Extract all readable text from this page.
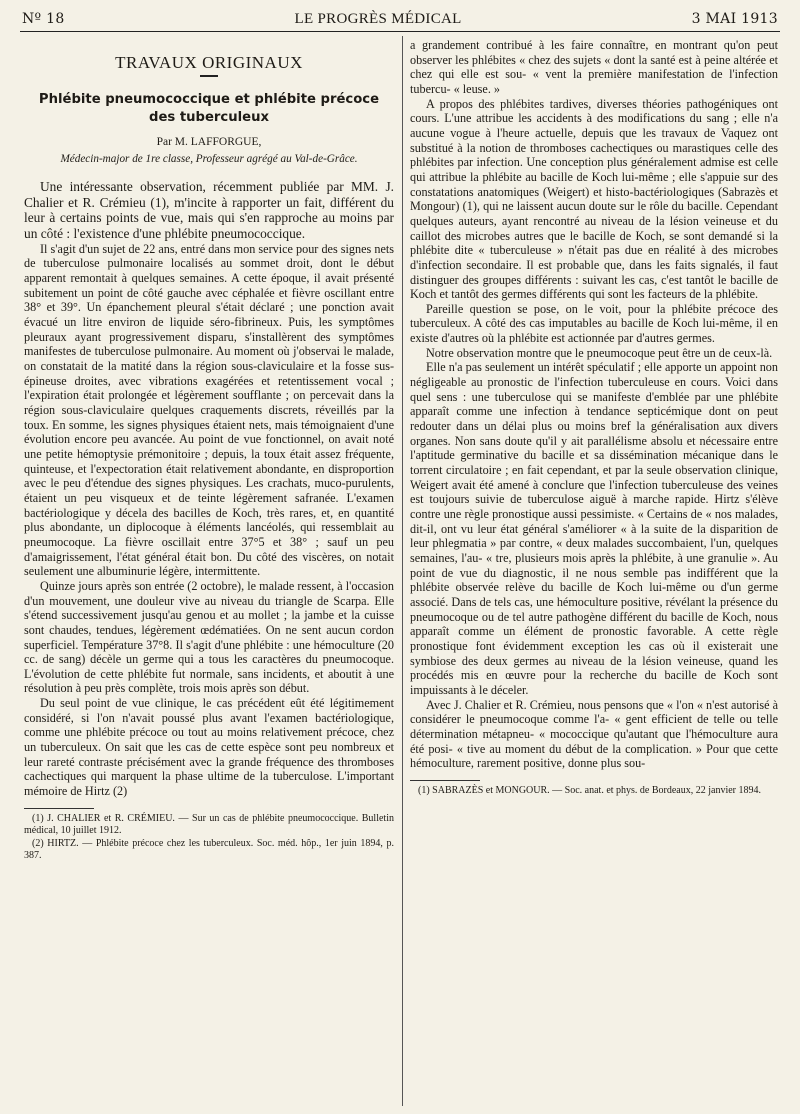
Nº 18	LE PROGRÈS MÉDICAL	3 MAI 1913
TRAVAUX ORIGINAUX
Phlébite pneumococcique et phlébite précoce des tuberculeux
Par M. LAFFORGUE,
Médecin-major de 1re classe, Professeur agrégé au Val-de-Grâce.

Une intéressante observation, récemment publiée par MM. J. Chalier et R. Crémieu (1), m'incite à rapporter un fait, différent du leur à certains points de vue, mais qui s'en rapproche au moins par un côté : l'existence d'une phlébite pneumococcique.

Il s'agit d'un sujet de 22 ans, entré dans mon service pour des signes nets de tuberculose pulmonaire localisés au sommet droit, dont le début apparent remontait à quelques semaines. A cette époque, il avait présenté subitement un point de côté gauche avec céphalée et fièvre oscillant entre 38° et 39°. Un épanchement pleural s'était déclaré ; une ponction avait évacué un litre environ de liquide séro-fibrineux. Puis, les symptômes pleuraux ayant progressivement disparu, s'installèrent des symptômes manifestes de tuberculose pulmonaire. Au moment où j'observai le malade, on constatait de la matité dans la région sous-claviculaire et la fosse sus-épineuse droites, avec vibrations exagérées et retentissement vocal ; l'expiration était prolongée et légèrement soufflante ; on percevait dans la région sous-claviculaire quelques craquements discrets, réveillés par la toux. En somme, les signes physiques étaient nets, mais témoignaient d'une évolution encore peu avancée. Au point de vue fonctionnel, on avait noté une petite hémoptysie prémonitoire ; depuis, la toux était assez fréquente, quinteuse, et l'expectoration était relativement abondante, en disproportion avec le peu d'étendue des signes physiques. Les crachats, muco-purulents, étaient un peu visqueux et de teinte légèrement safranée. L'examen bactériologique y décela des bacilles de Koch, très rares, et, en quantité plus abondante, un diplocoque à éléments lancéolés, qui ressemblait au pneumocoque. La fièvre oscillait entre 37°5 et 38° ; sauf un peu d'amaigrissement, l'état général était bon. Du côté des viscères, on notait seulement une albuminurie légère, intermittente.

Quinze jours après son entrée (2 octobre), le malade ressent, à l'occasion d'un mouvement, une douleur vive au niveau du triangle de Scarpa. Elle s'étend successivement jusqu'au genou et au mollet ; la jambe et la cuisse sont chaudes, tendues, légèrement œdématiées. On ne sent aucun cordon superficiel. Température 37°8. Il s'agit d'une phlébite : une hémoculture (20 cc. de sang) décèle un germe qui a tous les caractères du pneumocoque. L'évolution de cette phlébite fut normale, sans incidents, et aboutit à une résolution à peu près complète, trois mois après son début.

Du seul point de vue clinique, le cas précédent eût été légitimement considéré, si l'on n'avait poussé plus avant l'examen bactériologique, comme une phlébite précoce ou tout au moins relativement précoce, chez un tuberculeux. On sait que les cas de cette espèce sont peu nombreux et leur rareté contraste précisément avec la grande fréquence des thromboses cachectiques qui marquent la phase ultime de la tuberculose. L'important mémoire de Hirtz (2)

(1) J. CHALIER et R. CRÉMIEU. — Sur un cas de phlébite pneumococcique. Bulletin médical, 10 juillet 1912.

(2) HIRTZ. — Phlébite précoce chez les tuberculeux. Soc. méd. hôp., 1er juin 1894, p. 387.

a grandement contribué à les faire connaître, en montrant qu'on peut observer les phlébites « chez des sujets « dont la santé est à peine altérée et chez qui elle est sou- « vent la première manifestation de l'infection tubercu- « leuse. »

A propos des phlébites tardives, diverses théories pathogéniques ont cours. L'une attribue les accidents à des modifications du sang ; elle n'a aucune vogue à l'heure actuelle, depuis que les travaux de Vaquez ont substitué à la notion de thromboses cachectiques ou marastiques celle des phlébites par infection. Une conception plus généralement admise est celle qui attribue la phlébite au bacille de Koch lui-même ; elle s'appuie sur des constatations anatomiques (Weigert) et histo-bactériologiques (Sabrazès et Mongour) (1), qui ne laissent aucun doute sur le rôle du bacille. Cependant quelques auteurs, ayant rencontré au niveau de la lésion veineuse et du caillot des microbes autres que le bacille de Koch, se sont demandé si la phlébite dite « tuberculeuse » n'était pas due en réalité à des microbes d'infection secondaire. Il est probable que, dans les faits signalés, il faut distinguer des groupes différents : suivant les cas, c'est tantôt le bacille de Koch et tantôt des germes différents qui sont les facteurs de la phlébite.

Pareille question se pose, on le voit, pour la phlébite précoce des tuberculeux. A côté des cas imputables au bacille de Koch lui-même, il en existe d'autres où la phlébite est actionnée par d'autres germes.

Notre observation montre que le pneumocoque peut être un de ceux-là.

Elle n'a pas seulement un intérêt spéculatif ; elle apporte un appoint non négligeable au pronostic de l'infection tuberculeuse en cours. Voici dans quel sens : une tuberculose qui se manifeste d'emblée par une phlébite apparaît comme une infection à tendance septicémique dont on peut redouter dans un délai plus ou moins bref la généralisation aux divers organes. Non sans doute qu'il y ait parallélisme absolu et nécessaire entre l'aptitude germinative du bacille et sa dissémination mécanique dans le torrent circulatoire ; en fait cependant, et par la seule observation clinique, Weigert avait été amené à conclure que l'infection tuberculeuse des veines est toujours suivie de tuberculose aiguë à marche rapide. Hirtz s'élève contre une règle pronostique aussi pessimiste. « Certains de « nos malades, dit-il, ont vu leur état général s'améliorer « à la suite de la disparition de leur phlegmatia » par contre, « deux malades succombaient, l'un, quelques semaines, l'au- « tre, plusieurs mois après la phlébite, à une granulie ». Au point de vue du diagnostic, il ne nous semble pas indifférent que la phlébite observée relève du bacille de Koch lui-même ou d'un germe associé. Dans de tels cas, une hémoculture positive, révélant la présence du pneumocoque ou de tel autre pathogène différent du bacille de Koch, nous apparaît comme un élément de pronostic favorable. A cette règle pronostique font évidemment exception les cas où il existerait une symbiose des deux germes au niveau de la lésion veineuse, quand les procédés mis en œuvre pour la recherche du bacille de Koch sont impuissants à le déceler.

Avec J. Chalier et R. Crémieu, nous pensons que « l'on « n'est autorisé à considérer le pneumocoque comme l'a- « gent efficient de telle ou telle détermination métapneu- « mococcique qu'autant que l'hémoculture aura été posi- « tive au moment du début de la complication. » Pour que cette hémoculture, rarement positive, donne plus sou-

(1) SABRAZÈS et MONGOUR. — Soc. anat. et phys. de Bordeaux, 22 janvier 1894.
